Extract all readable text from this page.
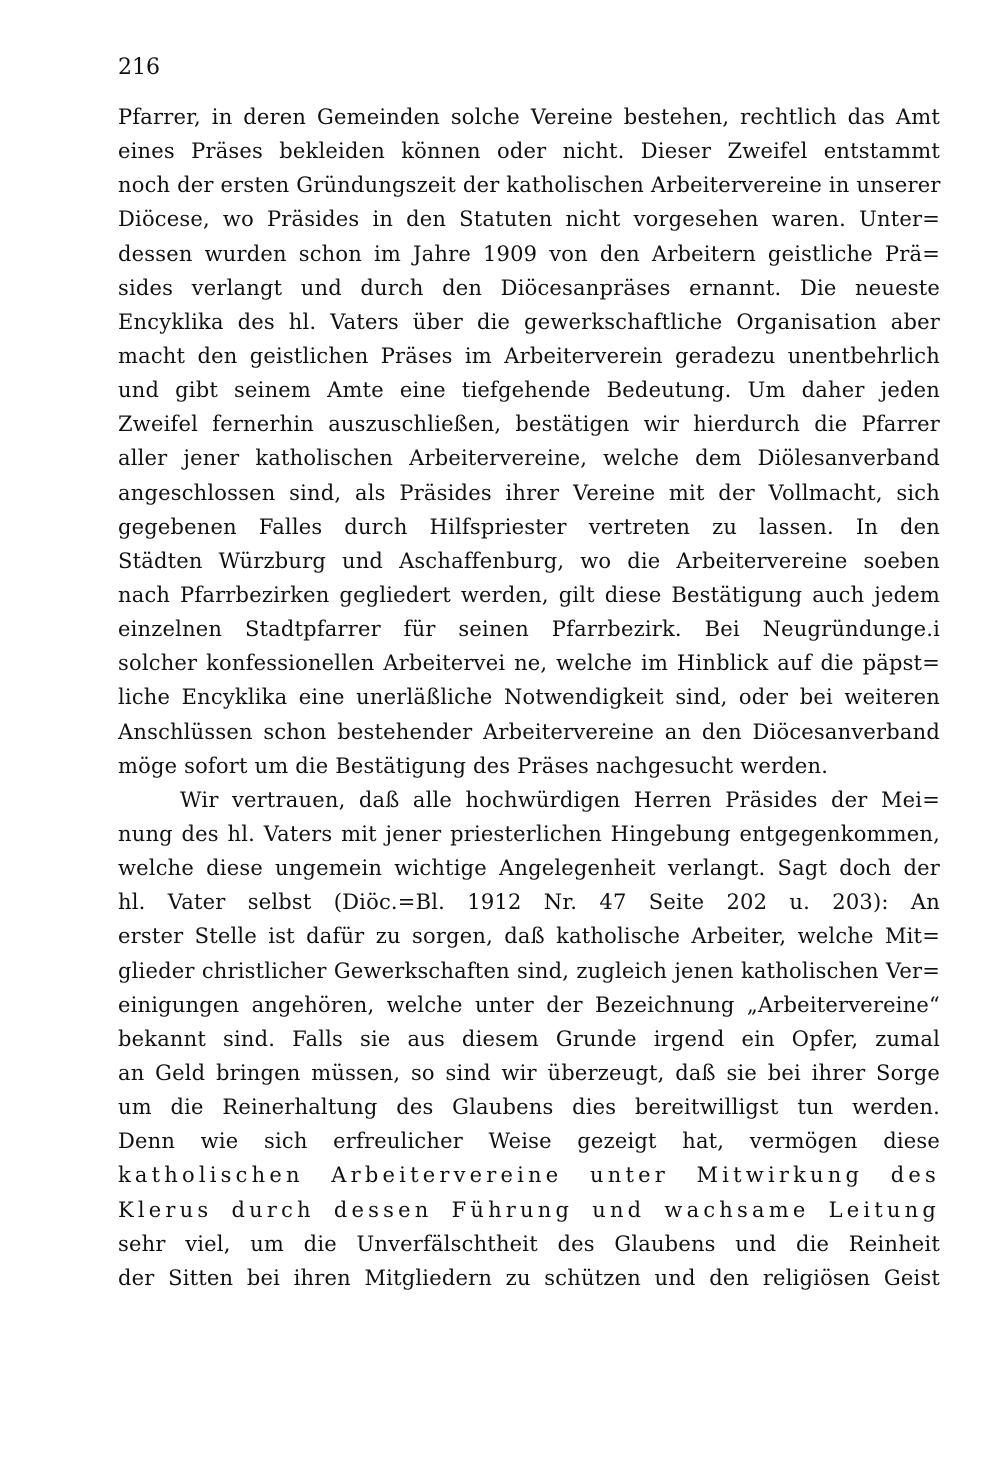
216
Pfarrer, in deren Gemeinden solche Vereine bestehen, rechtlich das Amt
eines Präses bekleiden können oder nicht. Dieser Zweifel entstammt
noch der ersten Gründungszeit der katholischen Arbeitervereine in unserer
Diöcese, wo Präsides in den Statuten nicht vorgesehen waren. Unter=
dessen wurden schon im Jahre 1909 von den Arbeitern geistliche Prä=
sides verlangt und durch den Diöcesanpräses ernannt. Die neueste
Encyklika des hl. Vaters über die gewerkschaftliche Organisation aber
macht den geistlichen Präses im Arbeiterverein geradezu unentbehrlich
und gibt seinem Amte eine tiefgehende Bedeutung. Um daher jeden
Zweifel fernerhin auszuschließen, bestätigen wir hierdurch die Pfarrer
aller jener katholischen Arbeitervereine, welche dem Diölesanverband
angeschlossen sind, als Präsides ihrer Vereine mit der Vollmacht, sich
gegebenen Falles durch Hilfspriester vertreten zu lassen. In den
Städten Würzburg und Aschaffenburg, wo die Arbeitervereine soeben
nach Pfarrbezirken gegliedert werden, gilt diese Bestätigung auch jedem
einzelnen Stadtpfarrer für seinen Pfarrbezirk. Bei Neugründunge.i
solcher konfessionellen Arbeitervei ne, welche im Hinblick auf die päpst=
liche Encyklika eine unerläßliche Notwendigkeit sind, oder bei weiteren
Anschlüssen schon bestehender Arbeitervereine an den Diöcesanverband
möge sofort um die Bestätigung des Präses nachgesucht werden.
Wir vertrauen, daß alle hochwürdigen Herren Präsides der Mei=
nung des hl. Vaters mit jener priesterlichen Hingebung entgegenkommen,
welche diese ungemein wichtige Angelegenheit verlangt. Sagt doch der
hl. Vater selbst (Diöc.=Bl. 1912 Nr. 47 Seite 202 u. 203): An
erster Stelle ist dafür zu sorgen, daß katholische Arbeiter, welche Mit=
glieder christlicher Gewerkschaften sind, zugleich jenen katholischen Ver=
einigungen angehören, welche unter der Bezeichnung „Arbeitervereine“
bekannt sind. Falls sie aus diesem Grunde irgend ein Opfer, zumal
an Geld bringen müssen, so sind wir überzeugt, daß sie bei ihrer Sorge
um die Reinerhaltung des Glaubens dies bereitwilligst tun werden.
Denn wie sich erfreulicher Weise gezeigt hat, vermögen diese
katholischen Arbeitervereine unter Mitwirkung des
Klerus durch dessen Führung und wachsame Leitung
sehr viel, um die Unverfälschtheit des Glaubens und die Reinheit
der Sitten bei ihren Mitgliedern zu schützen und den religiösen Geist
